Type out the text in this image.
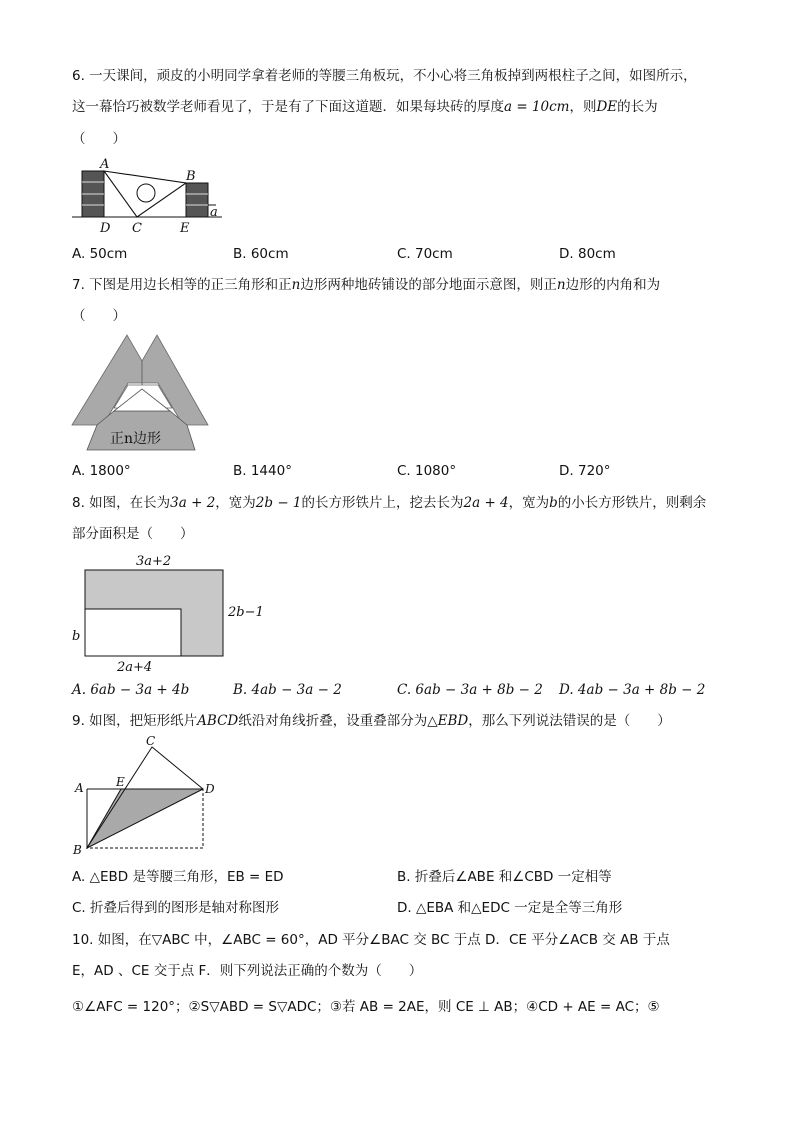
6. 一天课间，顽皮的小明同学拿着老师的等腰三角板玩，不小心将三角板掉到两根柱子之间，如图所示，
这一幕恰巧被数学老师看见了，于是有了下面这道题．如果每块砖的厚度a = 10cm，则DE的长为
（　　）
A
B
C
D	E
a
A. 50cm	B. 60cm	C. 70cm	D. 80cm
7. 下图是用边长相等的正三角形和正n边形两种地砖铺设的部分地面示意图，则正n边形的内角和为
（　　）
正n边形
A. 1800°	B. 1440°	C. 1080°	D. 720°
8. 如图，在长为3a + 2，宽为2b − 1的长方形铁片上，挖去长为2a + 4，宽为b的小长方形铁片，则剩余
部分面积是（　　）
3a+2
2b−1
b
2a+4
A. 6ab − 3a + 4b	B. 4ab − 3a − 2	C. 6ab − 3a + 8b − 2 D. 4ab − 3a + 8b − 2
9. 如图，把矩形纸片ABCD纸沿对角线折叠，设重叠部分为△EBD，那么下列说法错误的是（　　）
C
E
A	D
B
A. △EBD 是等腰三角形，EB = ED	B. 折叠后∠ABE 和∠CBD 一定相等
C. 折叠后得到的图形是轴对称图形	D. △EBA 和△EDC 一定是全等三角形
10. 如图，在▽ABC 中，∠ABC = 60°，AD 平分∠BAC 交 BC 于点 D．CE 平分∠ACB 交 AB 于点
E，AD 、CE 交于点 F．则下列说法正确的个数为（　　）
①∠AFC = 120°；②S▽ABD = S▽ADC；③若 AB = 2AE，则 CE ⊥ AB；④CD + AE = AC；⑤
